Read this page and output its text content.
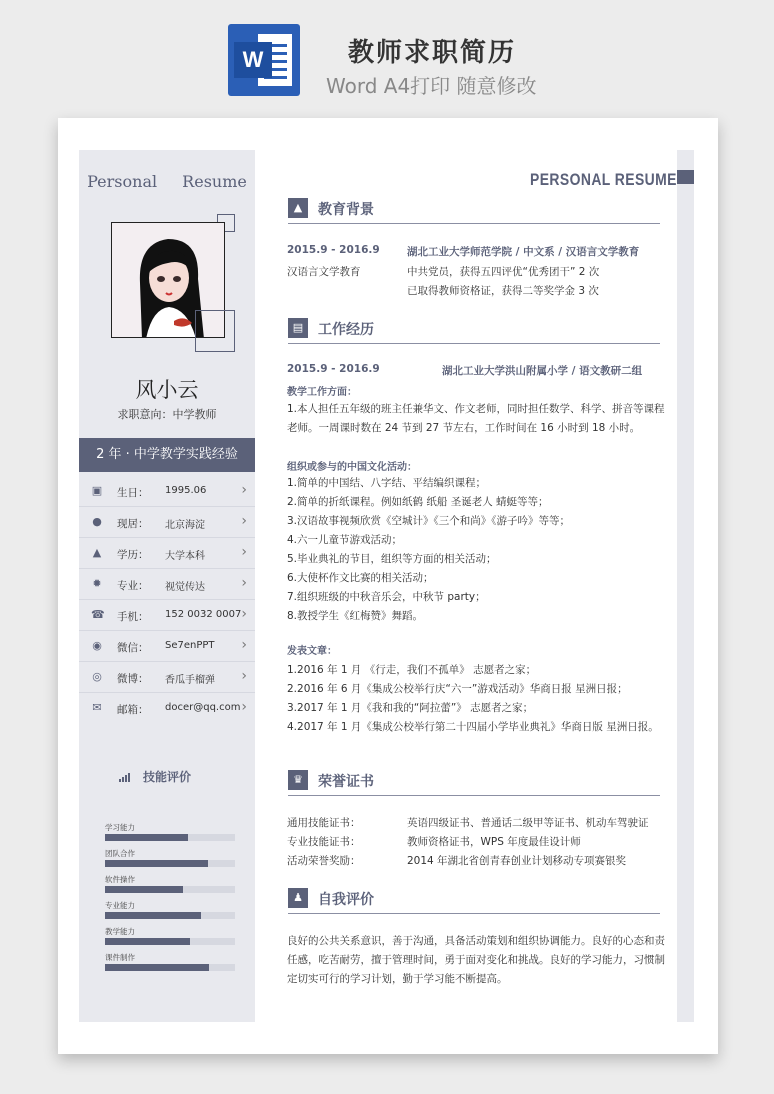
W	教师求职简历
Word A4打印 随意修改
Personal Resume
风小云
求职意向：中学教师
2 年 · 中学教学实践经验
▣ 生日： 1995.06	›
● 现居： 北京海淀	›
▲ 学历： 大学本科	›
✹ 专业： 视觉传达	›
☎ 手机： 152 0032 0007 ›
◉ 微信： Se7enPPT ›
◎ 微博： 香瓜手榴弹 ›
✉ 邮箱： docer@qq.com ›
技能评价
学习能力
团队合作
软件操作
专业能力
教学能力
课件制作
PERSONAL RESUME
▲	教育背景
2015.9 - 2016.9	湖北工业大学师范学院 / 中文系 / 汉语言文学教育
汉语言文学教育	中共党员，获得五四评优“优秀团干” 2 次
已取得教师资格证，获得二等奖学金 3 次
▤	工作经历
2015.9 - 2016.9	湖北工业大学洪山附属小学 / 语文教研二组
教学工作方面：
1.本人担任五年级的班主任兼华文、作文老师，同时担任数学、科学、拼音等课程老师。一周课时数在 24 节到 27 节左右，工作时间在 16 小时到 18 小时。
组织或参与的中国文化活动：
1.简单的中国结、八字结、平结编织课程；
2.简单的折纸课程。例如纸鹤 纸船 圣诞老人 蜻蜓等等；
3.汉语故事视频欣赏《空城计》《三个和尚》《游子吟》等等；
4.六一儿童节游戏活动；
5.毕业典礼的节目，组织等方面的相关活动；
6.大使杯作文比赛的相关活动；
7.组织班级的中秋音乐会，中秋节 party；
8.教授学生《红梅赞》舞蹈。
发表文章：
1.2016 年 1 月 《行走，我们不孤单》 志愿者之家；
2.2016 年 6 月《集成公校举行庆“六一”游戏活动》华商日报 星洲日报；
3.2017 年 1 月《我和我的“阿拉蕾”》 志愿者之家；
4.2017 年 1 月《集成公校举行第二十四届小学毕业典礼》华商日版 星洲日报。
♛	荣誉证书
通用技能证书：	英语四级证书、普通话二级甲等证书、机动车驾驶证
专业技能证书：	教师资格证书，WPS 年度最佳设计师
活动荣誉奖励：	2014 年湖北省创青春创业计划移动专项赛银奖
♟	自我评价
良好的公共关系意识，善于沟通，具备活动策划和组织协调能力。良好的心态和责任感，吃苦耐劳，擅于管理时间，勇于面对变化和挑战。良好的学习能力，习惯制定切实可行的学习计划，勤于学习能不断提高。
